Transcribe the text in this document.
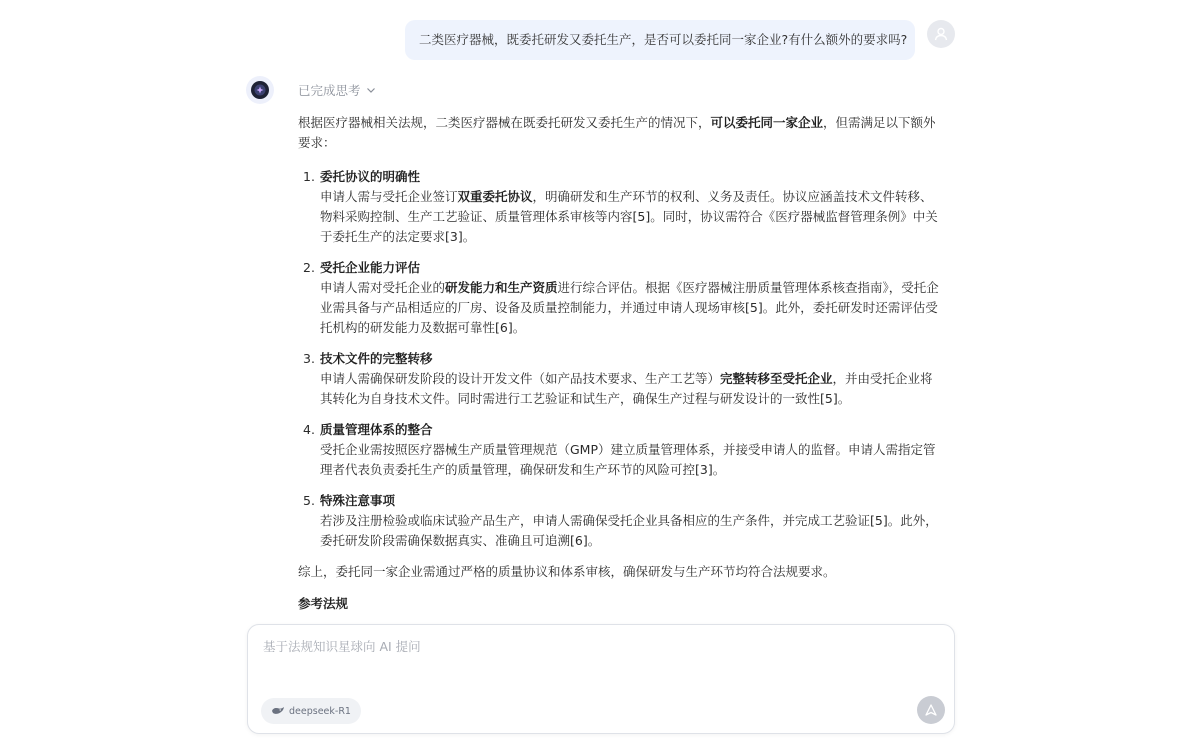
二类医疗器械，既委托研发又委托生产，是否可以委托同一家企业?有什么额外的要求吗?
已完成思考

根据医疗器械相关法规，二类医疗器械在既委托研发又委托生产的情况下，可以委托同一家企业，但需满足以下额外要求：

1. 委托协议的明确性
申请人需与受托企业签订双重委托协议，明确研发和生产环节的权利、义务及责任。协议应涵盖技术文件转移、物料采购控制、生产工艺验证、质量管理体系审核等内容[5]。同时，协议需符合《医疗器械监督管理条例》中关于委托生产的法定要求[3]。
2. 受托企业能力评估
申请人需对受托企业的研发能力和生产资质进行综合评估。根据《医疗器械注册质量管理体系核查指南》，受托企业需具备与产品相适应的厂房、设备及质量控制能力，并通过申请人现场审核[5]。此外，委托研发时还需评估受托机构的研发能力及数据可靠性[6]。
3. 技术文件的完整转移
申请人需确保研发阶段的设计开发文件（如产品技术要求、生产工艺等）完整转移至受托企业，并由受托企业将其转化为自身技术文件。同时需进行工艺验证和试生产，确保生产过程与研发设计的一致性[5]。
4. 质量管理体系的整合
受托企业需按照医疗器械生产质量管理规范（GMP）建立质量管理体系，并接受申请人的监督。申请人需指定管理者代表负责委托生产的质量管理，确保研发和生产环节的风险可控[3]。
5. 特殊注意事项
若涉及注册检验或临床试验产品生产，申请人需确保受托企业具备相应的生产条件，并完成工艺验证[5]。此外，委托研发阶段需确保数据真实、准确且可追溯[6]。

综上，委托同一家企业需通过严格的质量协议和体系审核，确保研发与生产环节均符合法规要求。

参考法规

基于法规知识星球向 AI 提问
deepseek-R1
